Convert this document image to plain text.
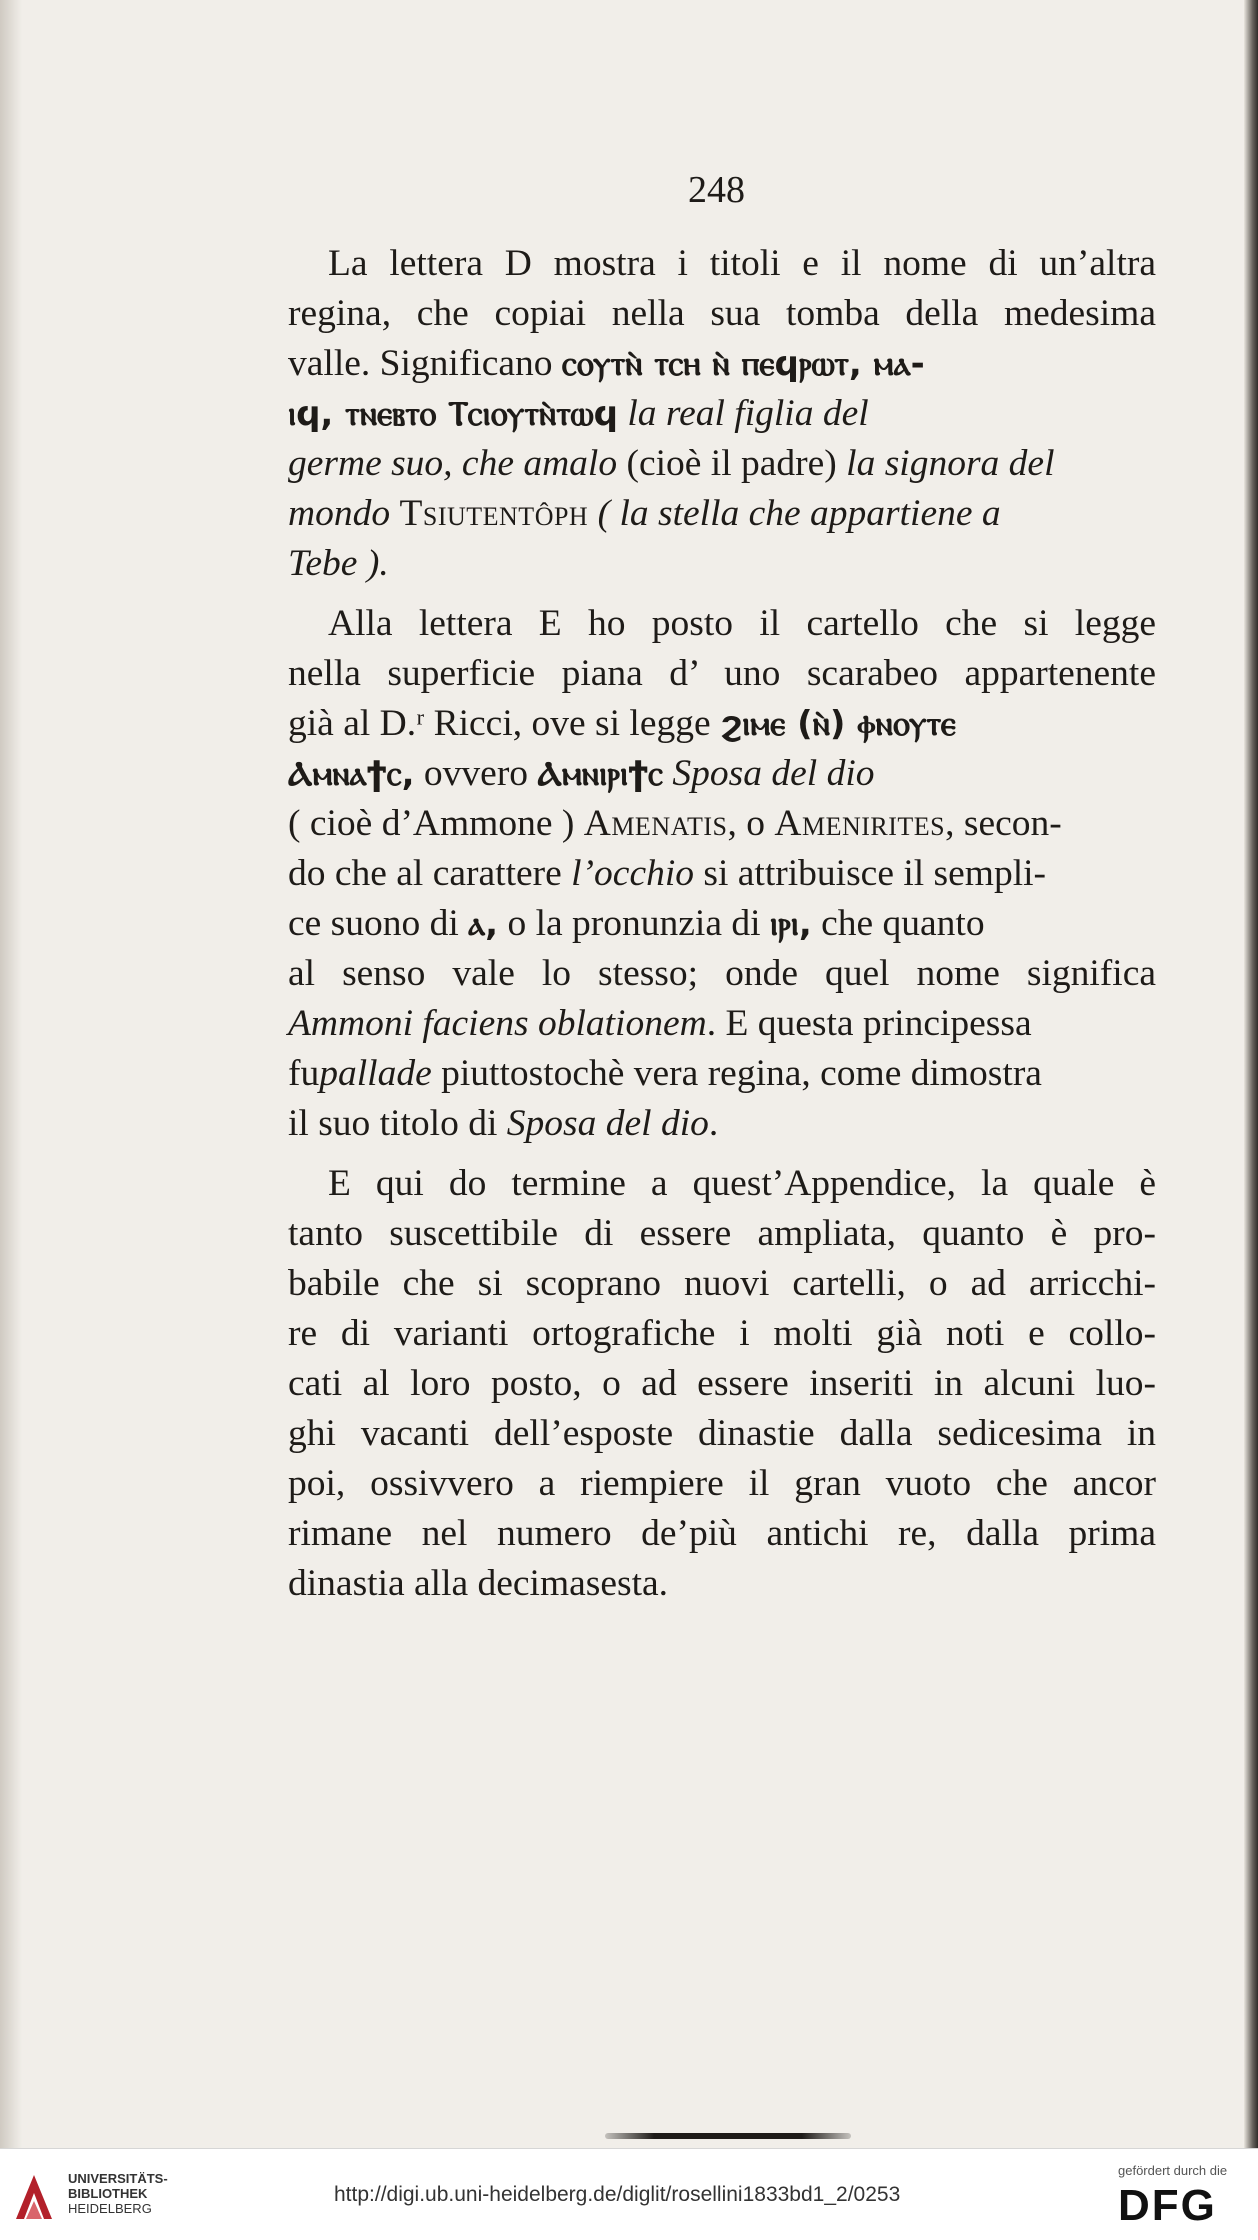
248
La lettera D mostra i titoli e il nome di un’altra
regina, che copiai nella sua tomba della medesima
valle. Significano ⲥⲟⲩⲧⲛ̀ ⲧⲥⲏ ⲛ̀ ⲡⲉϥⲣⲱⲧ, ⲙⲁ-
ⲓϥ, ⲧⲛⲉⲃⲧⲟ Ⲧⲥⲓⲟⲩⲧⲛ̀ⲧⲱϥ la real figlia del
germe suo, che amalo (cioè il padre) la signora del
mondo Tsiutentôph ( la stella che appartiene a
Tebe ).
Alla lettera E ho posto il cartello che si legge
nella superficie piana d’ uno scarabeo appartenente
già al D.ʳ Ricci, ove si legge ϩⲓⲙⲉ (ⲛ̀) ⲫⲛⲟⲩⲧⲉ
Ⲁⲙⲛⲁϯⲥ, ovvero Ⲁⲙⲛⲓⲣⲓϯⲥ Sposa del dio
( cioè d’Ammone ) Amenatis, o Amenirites, secon-
do che al carattere l’occhio si attribuisce il sempli-
ce suono di ⲁ, o la pronunzia di ⲓⲣⲓ, che quanto
al senso vale lo stesso; onde quel nome significa
Ammoni faciens oblationem. E questa principessa
fupallade piuttostochè vera regina, come dimostra
il suo titolo di Sposa del dio.
E qui do termine a quest’Appendice, la quale è
tanto suscettibile di essere ampliata, quanto è pro-
babile che si scoprano nuovi cartelli, o ad arricchi-
re di varianti ortografiche i molti già noti e collo-
cati al loro posto, o ad essere inseriti in alcuni luo-
ghi vacanti dell’esposte dinastie dalla sedicesima in
poi, ossivvero a riempiere il gran vuoto che ancor
rimane nel numero de’più antichi re, dalla prima
dinastia alla decimasesta.
UNIVERSITÄTS-
BIBLIOTHEK
HEIDELBERG
http://digi.ub.uni-heidelberg.de/diglit/rosellini1833bd1_2/0253
gefördert durch die
DFG
